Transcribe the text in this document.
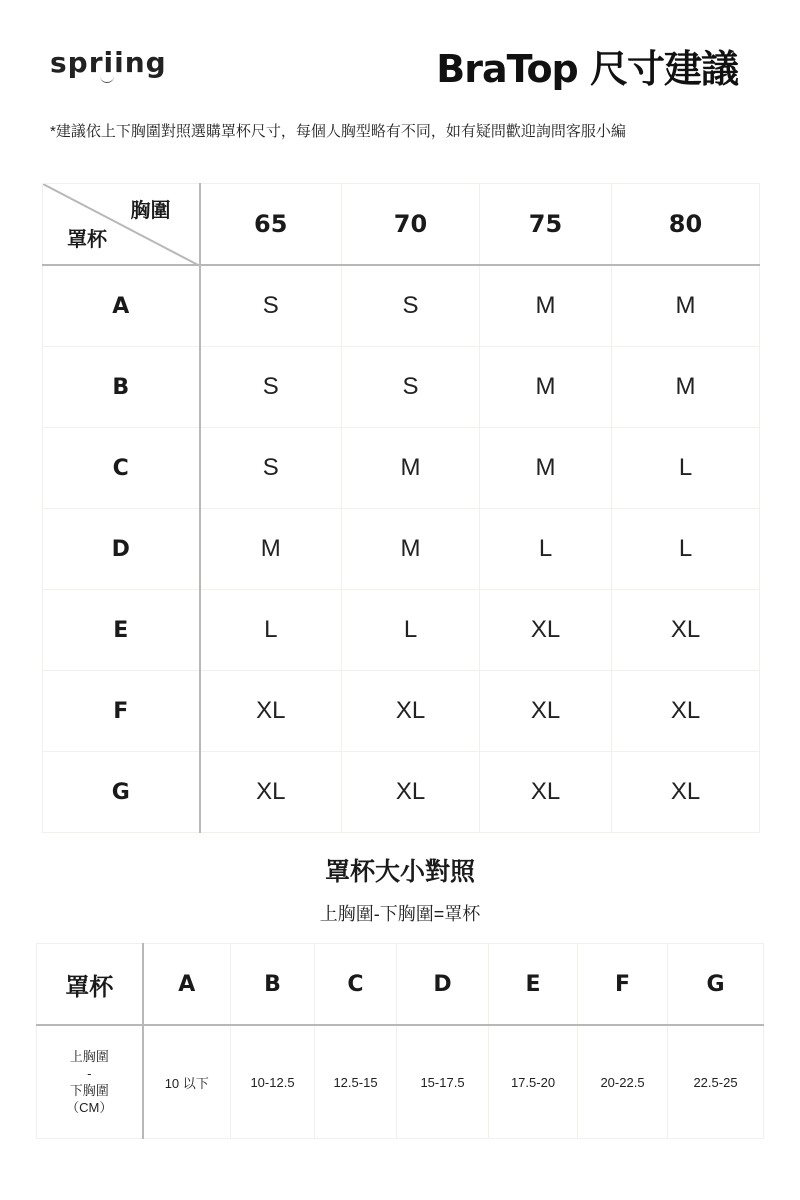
spriing	BraTop 尺寸建議
*建議依上下胸圍對照選購罩杯尺寸，每個人胸型略有不同，如有疑問歡迎詢問客服小編
胸圍
罩杯	65	70	75	80
A	S	S	M	M
B	S	S	M	M
C	S	M	M	L
D	M	M	L	L
E	L	L	XL	XL
F	XL	XL	XL	XL
G	XL	XL	XL	XL
罩杯大小對照
上胸圍-下胸圍=罩杯
罩杯	A	B	C	D	E	F	G

上胸圍
-
下胸圍
（CM）	10 以下	10-12.5	12.5-15	15-17.5	17.5-20	20-22.5	22.5-25
